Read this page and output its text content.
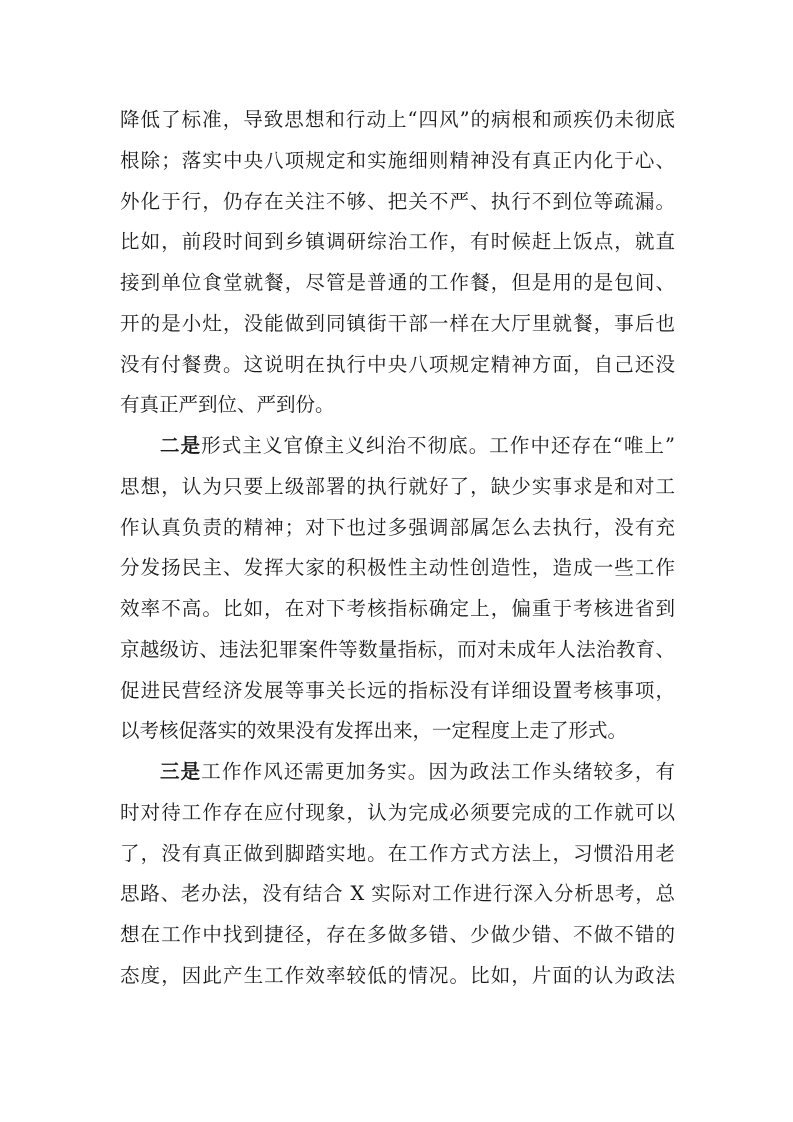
降低了标准，导致思想和行动上“四风”的病根和顽疾仍未彻底
根除；落实中央八项规定和实施细则精神没有真正内化于心、
外化于行，仍存在关注不够、把关不严、执行不到位等疏漏。
比如，前段时间到乡镇调研综治工作，有时候赶上饭点，就直
接到单位食堂就餐，尽管是普通的工作餐，但是用的是包间、
开的是小灶，没能做到同镇街干部一样在大厅里就餐，事后也
没有付餐费。这说明在执行中央八项规定精神方面，自己还没
有真正严到位、严到份。
二是形式主义官僚主义纠治不彻底。工作中还存在“唯上”
思想，认为只要上级部署的执行就好了，缺少实事求是和对工
作认真负责的精神；对下也过多强调部属怎么去执行，没有充
分发扬民主、发挥大家的积极性主动性创造性，造成一些工作
效率不高。比如，在对下考核指标确定上，偏重于考核进省到
京越级访、违法犯罪案件等数量指标，而对未成年人法治教育、
促进民营经济发展等事关长远的指标没有详细设置考核事项，
以考核促落实的效果没有发挥出来，一定程度上走了形式。
三是工作作风还需更加务实。因为政法工作头绪较多，有
时对待工作存在应付现象，认为完成必须要完成的工作就可以
了，没有真正做到脚踏实地。在工作方式方法上，习惯沿用老
思路、老办法，没有结合 X 实际对工作进行深入分析思考，总
想在工作中找到捷径，存在多做多错、少做少错、不做不错的
态度，因此产生工作效率较低的情况。比如，片面的认为政法
